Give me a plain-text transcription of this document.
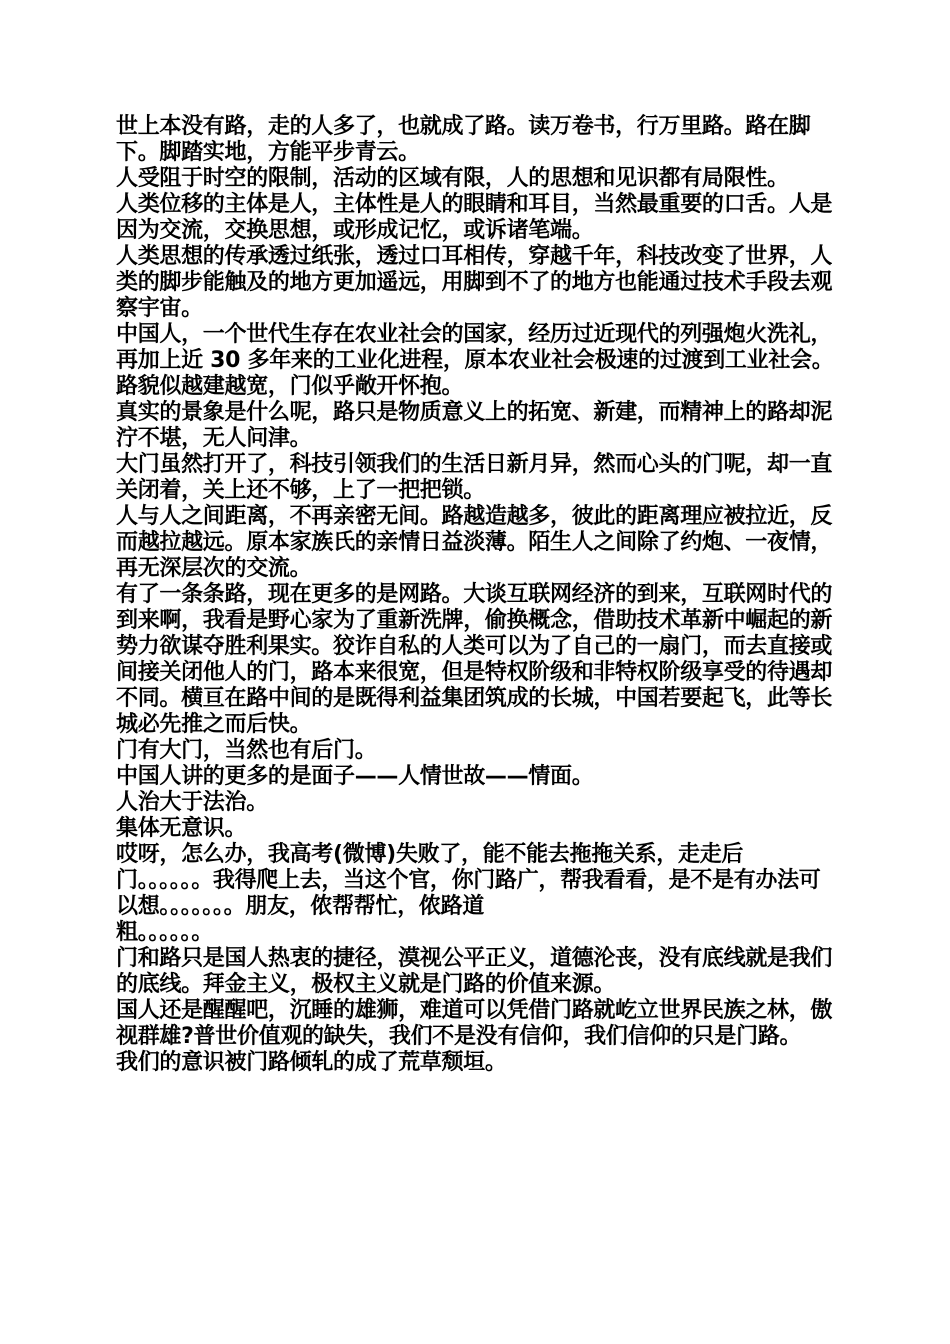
世上本没有路，走的人多了，也就成了路。读万卷书，行万里路。路在脚下。脚踏实地，方能平步青云。

人受阻于时空的限制，活动的区域有限，人的思想和见识都有局限性。

人类位移的主体是人，主体性是人的眼睛和耳目，当然最重要的口舌。人是因为交流，交换思想，或形成记忆，或诉诸笔端。

人类思想的传承透过纸张，透过口耳相传，穿越千年，科技改变了世界，人类的脚步能触及的地方更加遥远，用脚到不了的地方也能通过技术手段去观察宇宙。

中国人，一个世代生存在农业社会的国家，经历过近现代的列强炮火洗礼，再加上近 30 多年来的工业化进程，原本农业社会极速的过渡到工业社会。

路貌似越建越宽，门似乎敞开怀抱。

真实的景象是什么呢，路只是物质意义上的拓宽、新建，而精神上的路却泥泞不堪，无人问津。

大门虽然打开了，科技引领我们的生活日新月异，然而心头的门呢，却一直关闭着，关上还不够，上了一把把锁。

人与人之间距离，不再亲密无间。路越造越多，彼此的距离理应被拉近，反而越拉越远。原本家族氏的亲情日益淡薄。陌生人之间除了约炮、一夜情，再无深层次的交流。

有了一条条路，现在更多的是网路。大谈互联网经济的到来，互联网时代的到来啊，我看是野心家为了重新洗牌，偷换概念，借助技术革新中崛起的新势力欲谋夺胜利果实。狡诈自私的人类可以为了自己的一扇门，而去直接或间接关闭他人的门，路本来很宽，但是特权阶级和非特权阶级享受的待遇却不同。横亘在路中间的是既得利益集团筑成的长城，中国若要起飞，此等长城必先推之而后快。

门有大门，当然也有后门。

中国人讲的更多的是面子——人情世故——情面。

人治大于法治。

集体无意识。

哎呀，怎么办，我高考(微博)失败了，能不能去拖拖关系，走走后门。。。。。。我得爬上去，当这个官，你门路广，帮我看看，是不是有办法可以想。。。。。。。朋友，侬帮帮忙，侬路道

粗。。。。。。

门和路只是国人热衷的捷径，漠视公平正义，道德沦丧，没有底线就是我们的底线。拜金主义，极权主义就是门路的价值来源。

国人还是醒醒吧，沉睡的雄狮，难道可以凭借门路就屹立世界民族之林，傲视群雄?普世价值观的缺失，我们不是没有信仰，我们信仰的只是门路。

我们的意识被门路倾轧的成了荒草颓垣。
